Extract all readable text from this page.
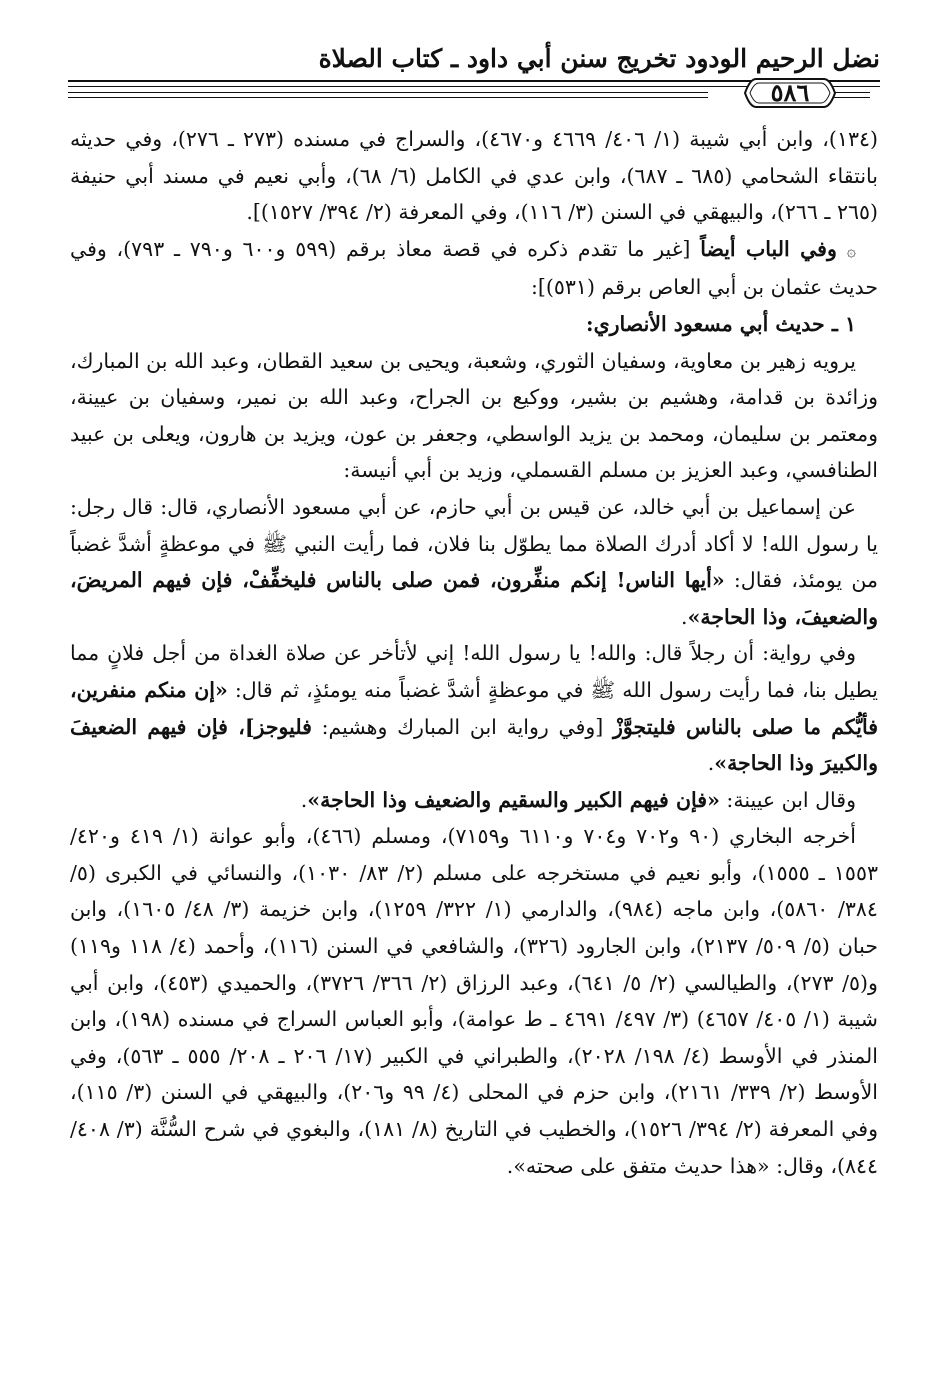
نضل الرحيم الودود تخريج سنن أبي داود ـ كتاب الصلاة
٥٨٦

(١٣٤)، وابن أبي شيبة (١/ ٤٠٦/ ٤٦٦٩ و٤٦٧٠)، والسراج في مسنده (٢٧٣ ـ ٢٧٦)، وفي حديثه بانتقاء الشحامي (٦٨٥ ـ ٦٨٧)، وابن عدي في الكامل (٦/ ٦٨)، وأبي نعيم في مسند أبي حنيفة (٢٦٥ ـ ٢٦٦)، والبيهقي في السنن (٣/ ١١٦)، وفي المعرفة (٢/ ٣٩٤/ ١٥٢٧)].

۞ وفي الباب أيضاً [غير ما تقدم ذكره في قصة معاذ برقم (٥٩٩ و٦٠٠ و٧٩٠ ـ ٧٩٣)، وفي حديث عثمان بن أبي العاص برقم (٥٣١)]:

١ ـ حديث أبي مسعود الأنصاري:

يرويه زهير بن معاوية، وسفيان الثوري، وشعبة، ويحيى بن سعيد القطان، وعبد الله بن المبارك، وزائدة بن قدامة، وهشيم بن بشير، ووكيع بن الجراح، وعبد الله بن نمير، وسفيان بن عيينة، ومعتمر بن سليمان، ومحمد بن يزيد الواسطي، وجعفر بن عون، ويزيد بن هارون، ويعلى بن عبيد الطنافسي، وعبد العزيز بن مسلم القسملي، وزيد بن أبي أنيسة:

عن إسماعيل بن أبي خالد، عن قيس بن أبي حازم، عن أبي مسعود الأنصاري، قال: قال رجل: يا رسول الله! لا أكاد أدرك الصلاة مما يطوّل بنا فلان، فما رأيت النبي ﷺ في موعظةٍ أشدَّ غضباً من يومئذ، فقال: «أيها الناس! إنكم منفِّرون، فمن صلى بالناس فليخفِّفْ، فإن فيهم المريضَ، والضعيفَ، وذا الحاجة».

وفي رواية: أن رجلاً قال: والله! يا رسول الله! إني لأتأخر عن صلاة الغداة من أجل فلانٍ مما يطيل بنا، فما رأيت رسول الله ﷺ في موعظةٍ أشدَّ غضباً منه يومئذٍ، ثم قال: «إن منكم منفرين، فأيُّكم ما صلى بالناس فليتجوَّزْ [وفي رواية ابن المبارك وهشيم: فليوجز]، فإن فيهم الضعيفَ والكبيرَ وذا الحاجة».

وقال ابن عيينة: «فإن فيهم الكبير والسقيم والضعيف وذا الحاجة».

أخرجه البخاري (٩٠ و٧٠٢ و٧٠٤ و٦١١٠ و٧١٥٩)، ومسلم (٤٦٦)، وأبو عوانة (١/ ٤١٩ و٤٢٠/ ١٥٥٣ ـ ١٥٥٥)، وأبو نعيم في مستخرجه على مسلم (٢/ ٨٣/ ١٠٣٠)، والنسائي في الكبرى (٥/ ٣٨٤/ ٥٨٦٠)، وابن ماجه (٩٨٤)، والدارمي (١/ ٣٢٢/ ١٢٥٩)، وابن خزيمة (٣/ ٤٨/ ١٦٠٥)، وابن حبان (٥/ ٥٠٩/ ٢١٣٧)، وابن الجارود (٣٢٦)، والشافعي في السنن (١١٦)، وأحمد (٤/ ١١٨ و١١٩) و(٥/ ٢٧٣)، والطيالسي (٢/ ٥/ ٦٤١)، وعبد الرزاق (٢/ ٣٦٦/ ٣٧٢٦)، والحميدي (٤٥٣)، وابن أبي شيبة (١/ ٤٠٥/ ٤٦٥٧) (٣/ ٤٩٧/ ٤٦٩١ ـ ط عوامة)، وأبو العباس السراج في مسنده (١٩٨)، وابن المنذر في الأوسط (٤/ ١٩٨/ ٢٠٢٨)، والطبراني في الكبير (١٧/ ٢٠٦ ـ ٢٠٨/ ٥٥٥ ـ ٥٦٣)، وفي الأوسط (٢/ ٣٣٩/ ٢١٦١)، وابن حزم في المحلى (٤/ ٩٩ و٢٠٦)، والبيهقي في السنن (٣/ ١١٥)، وفي المعرفة (٢/ ٣٩٤/ ١٥٢٦)، والخطيب في التاريخ (٨/ ١٨١)، والبغوي في شرح السُّنَّة (٣/ ٤٠٨/ ٨٤٤)، وقال: «هذا حديث متفق على صحته».
